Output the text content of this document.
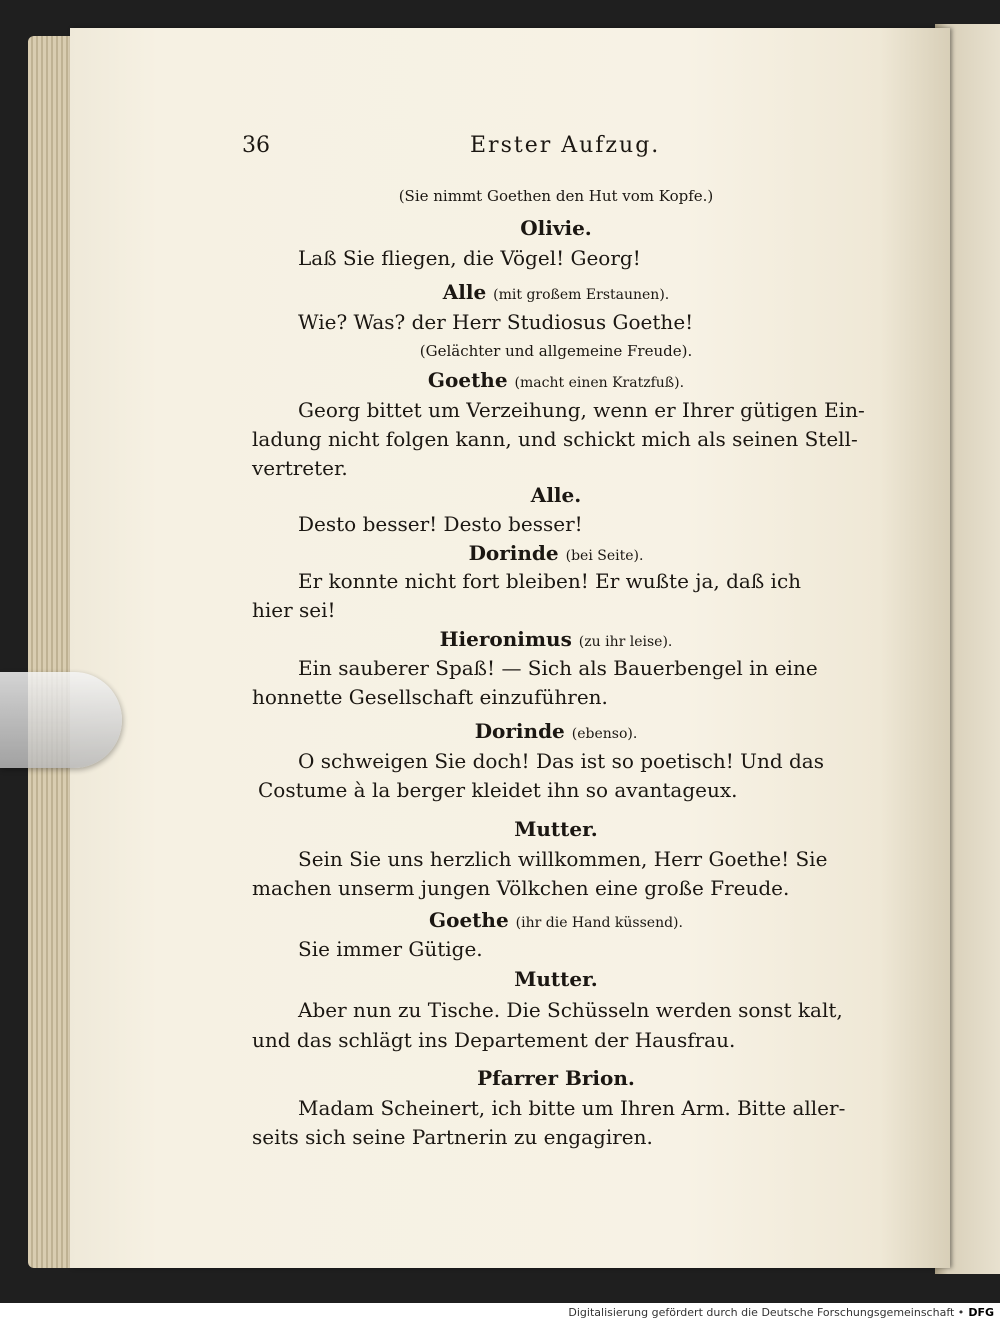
36	Erster Aufzug.
(Sie nimmt Goethen den Hut vom Kopfe.)
Olivie.
Laß Sie fliegen, die Vögel! Georg!
Alle (mit großem Erstaunen).
Wie? Was? der Herr Studiosus Goethe!
(Gelächter und allgemeine Freude).
Goethe (macht einen Kratzfuß).
Georg bittet um Verzeihung, wenn er Ihrer gütigen Ein-
ladung nicht folgen kann, und schickt mich als seinen Stell-
vertreter.
Alle.
Desto besser! Desto besser!
Dorinde (bei Seite).
Er konnte nicht fort bleiben! Er wußte ja, daß ich
hier sei!
Hieronimus (zu ihr leise).
Ein sauberer Spaß! — Sich als Bauerbengel in eine
honnette Gesellschaft einzuführen.
Dorinde (ebenso).
O schweigen Sie doch! Das ist so poetisch! Und das
Costume à la berger kleidet ihn so avantageux.
Mutter.
Sein Sie uns herzlich willkommen, Herr Goethe! Sie
machen unserm jungen Völkchen eine große Freude.
Goethe (ihr die Hand küssend).
Sie immer Gütige.
Mutter.
Aber nun zu Tische. Die Schüsseln werden sonst kalt,
und das schlägt ins Departement der Hausfrau.
Pfarrer Brion.
Madam Scheinert, ich bitte um Ihren Arm. Bitte aller-
seits sich seine Partnerin zu engagiren.
Digitalisierung gefördert durch die Deutsche Forschungsgemeinschaft • DFG
